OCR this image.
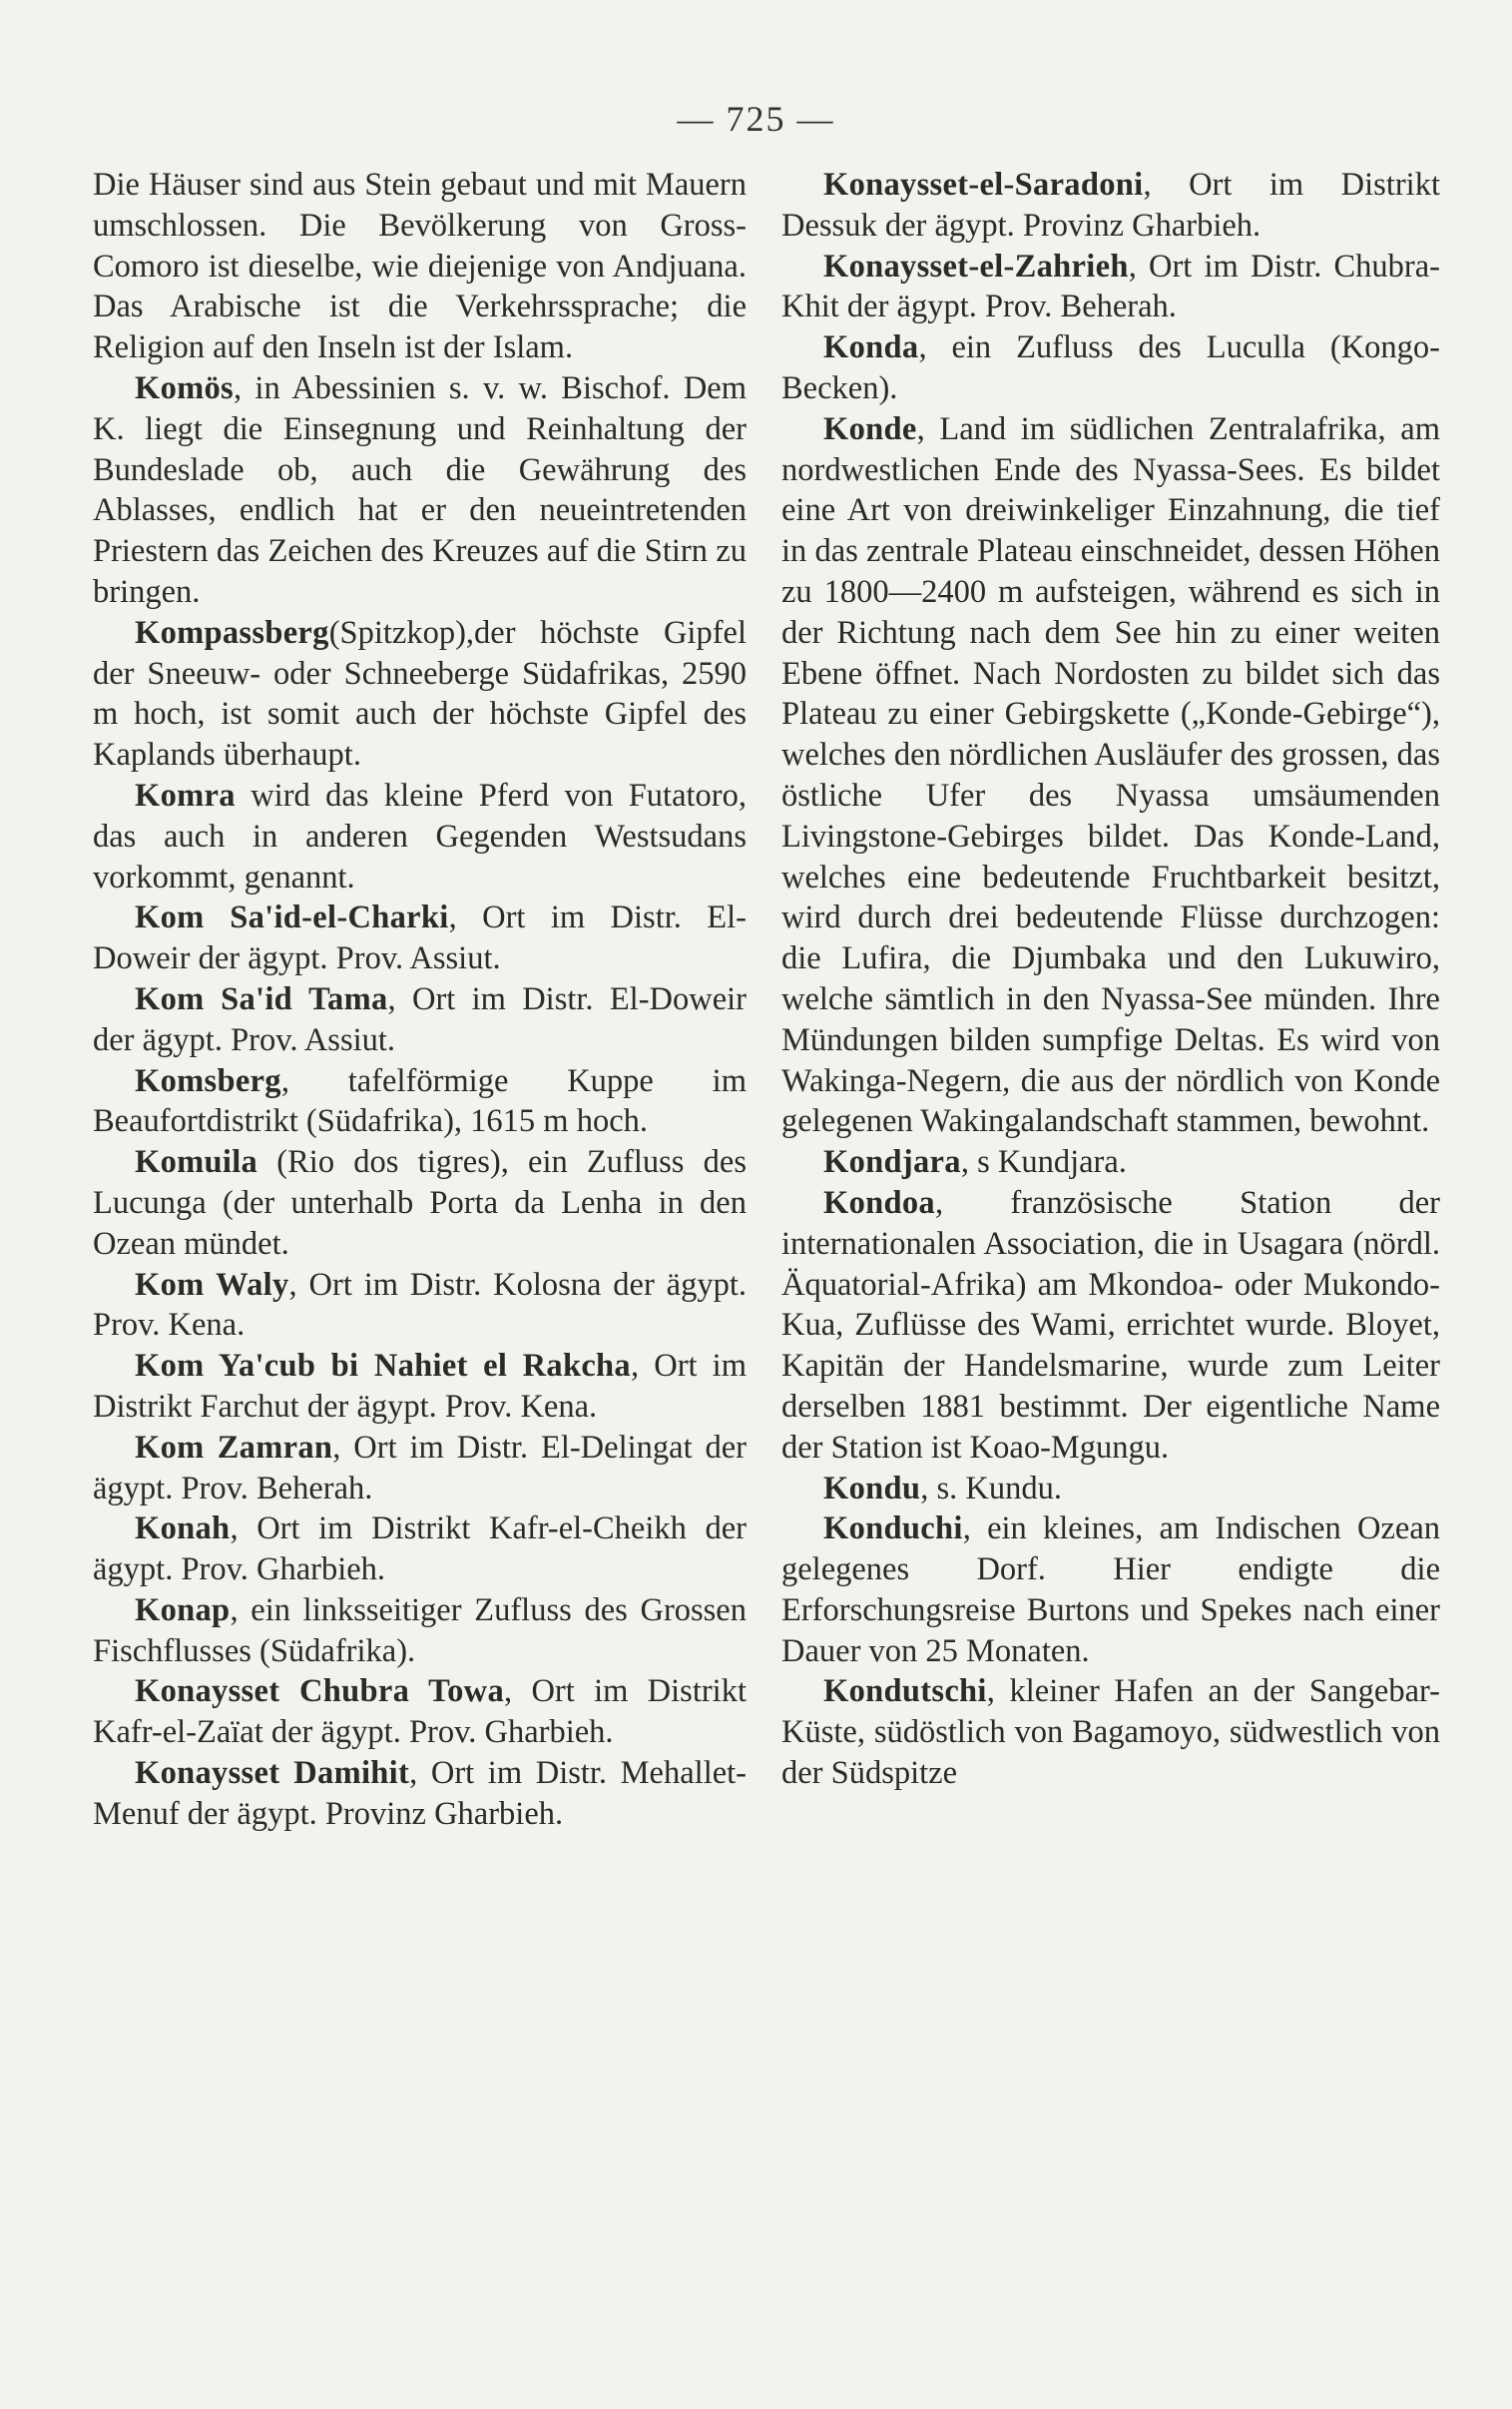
— 725 —

Die Häuser sind aus Stein gebaut und mit Mauern umschlossen. Die Bevölkerung von Gross-Comoro ist dieselbe, wie diejenige von Andjuana. Das Arabische ist die Verkehrssprache; die Religion auf den Inseln ist der Islam.

Komös, in Abessinien s. v. w. Bischof. Dem K. liegt die Einsegnung und Reinhaltung der Bundeslade ob, auch die Gewährung des Ablasses, endlich hat er den neueintretenden Priestern das Zeichen des Kreuzes auf die Stirn zu bringen.

Kompassberg(Spitzkop),der höchste Gipfel der Sneeuw- oder Schneeberge Südafrikas, 2590 m hoch, ist somit auch der höchste Gipfel des Kaplands überhaupt.

Komra wird das kleine Pferd von Futatoro, das auch in anderen Gegenden Westsudans vorkommt, genannt.

Kom Sa'id-el-Charki, Ort im Distr. El-Doweir der ägypt. Prov. Assiut.

Kom Sa'id Tama, Ort im Distr. El-Doweir der ägypt. Prov. Assiut.

Komsberg, tafelförmige Kuppe im Beaufortdistrikt (Südafrika), 1615 m hoch.

Komuila (Rio dos tigres), ein Zufluss des Lucunga (der unterhalb Porta da Lenha in den Ozean mündet.

Kom Waly, Ort im Distr. Kolosna der ägypt. Prov. Kena.

Kom Ya'cub bi Nahiet el Rakcha, Ort im Distrikt Farchut der ägypt. Prov. Kena.

Kom Zamran, Ort im Distr. El-Delingat der ägypt. Prov. Beherah.

Konah, Ort im Distrikt Kafr-el-Cheikh der ägypt. Prov. Gharbieh.

Konap, ein linksseitiger Zufluss des Grossen Fischflusses (Südafrika).

Konaysset Chubra Towa, Ort im Distrikt Kafr-el-Zaïat der ägypt. Prov. Gharbieh.

Konaysset Damihit, Ort im Distr. Mehallet-Menuf der ägypt. Provinz Gharbieh.

Konaysset-el-Saradoni, Ort im Distrikt Dessuk der ägypt. Provinz Gharbieh.

Konaysset-el-Zahrieh, Ort im Distr. Chubra-Khit der ägypt. Prov. Beherah.

Konda, ein Zufluss des Luculla (Kongo-Becken).

Konde, Land im südlichen Zentralafrika, am nordwestlichen Ende des Nyassa-Sees. Es bildet eine Art von dreiwinkeliger Einzahnung, die tief in das zentrale Plateau einschneidet, dessen Höhen zu 1800—2400 m aufsteigen, während es sich in der Richtung nach dem See hin zu einer weiten Ebene öffnet. Nach Nordosten zu bildet sich das Plateau zu einer Gebirgskette („Konde-Gebirge“), welches den nördlichen Ausläufer des grossen, das östliche Ufer des Nyassa umsäumenden Livingstone-Gebirges bildet. Das Konde-Land, welches eine bedeutende Fruchtbarkeit besitzt, wird durch drei bedeutende Flüsse durchzogen: die Lufira, die Djumbaka und den Lukuwiro, welche sämtlich in den Nyassa-See münden. Ihre Mündungen bilden sumpfige Deltas. Es wird von Wakinga-Negern, die aus der nördlich von Konde gelegenen Wakingalandschaft stammen, bewohnt.

Kondjara, s Kundjara.

Kondoa, französische Station der internationalen Association, die in Usagara (nördl. Äquatorial-Afrika) am Mkondoa- oder Mukondo-Kua, Zuflüsse des Wami, errichtet wurde. Bloyet, Kapitän der Handelsmarine, wurde zum Leiter derselben 1881 bestimmt. Der eigentliche Name der Station ist Koao-Mgungu.

Kondu, s. Kundu.

Konduchi, ein kleines, am Indischen Ozean gelegenes Dorf. Hier endigte die Erforschungsreise Burtons und Spekes nach einer Dauer von 25 Monaten.

Kondutschi, kleiner Hafen an der Sangebar-Küste, südöstlich von Bagamoyo, südwestlich von der Südspitze
